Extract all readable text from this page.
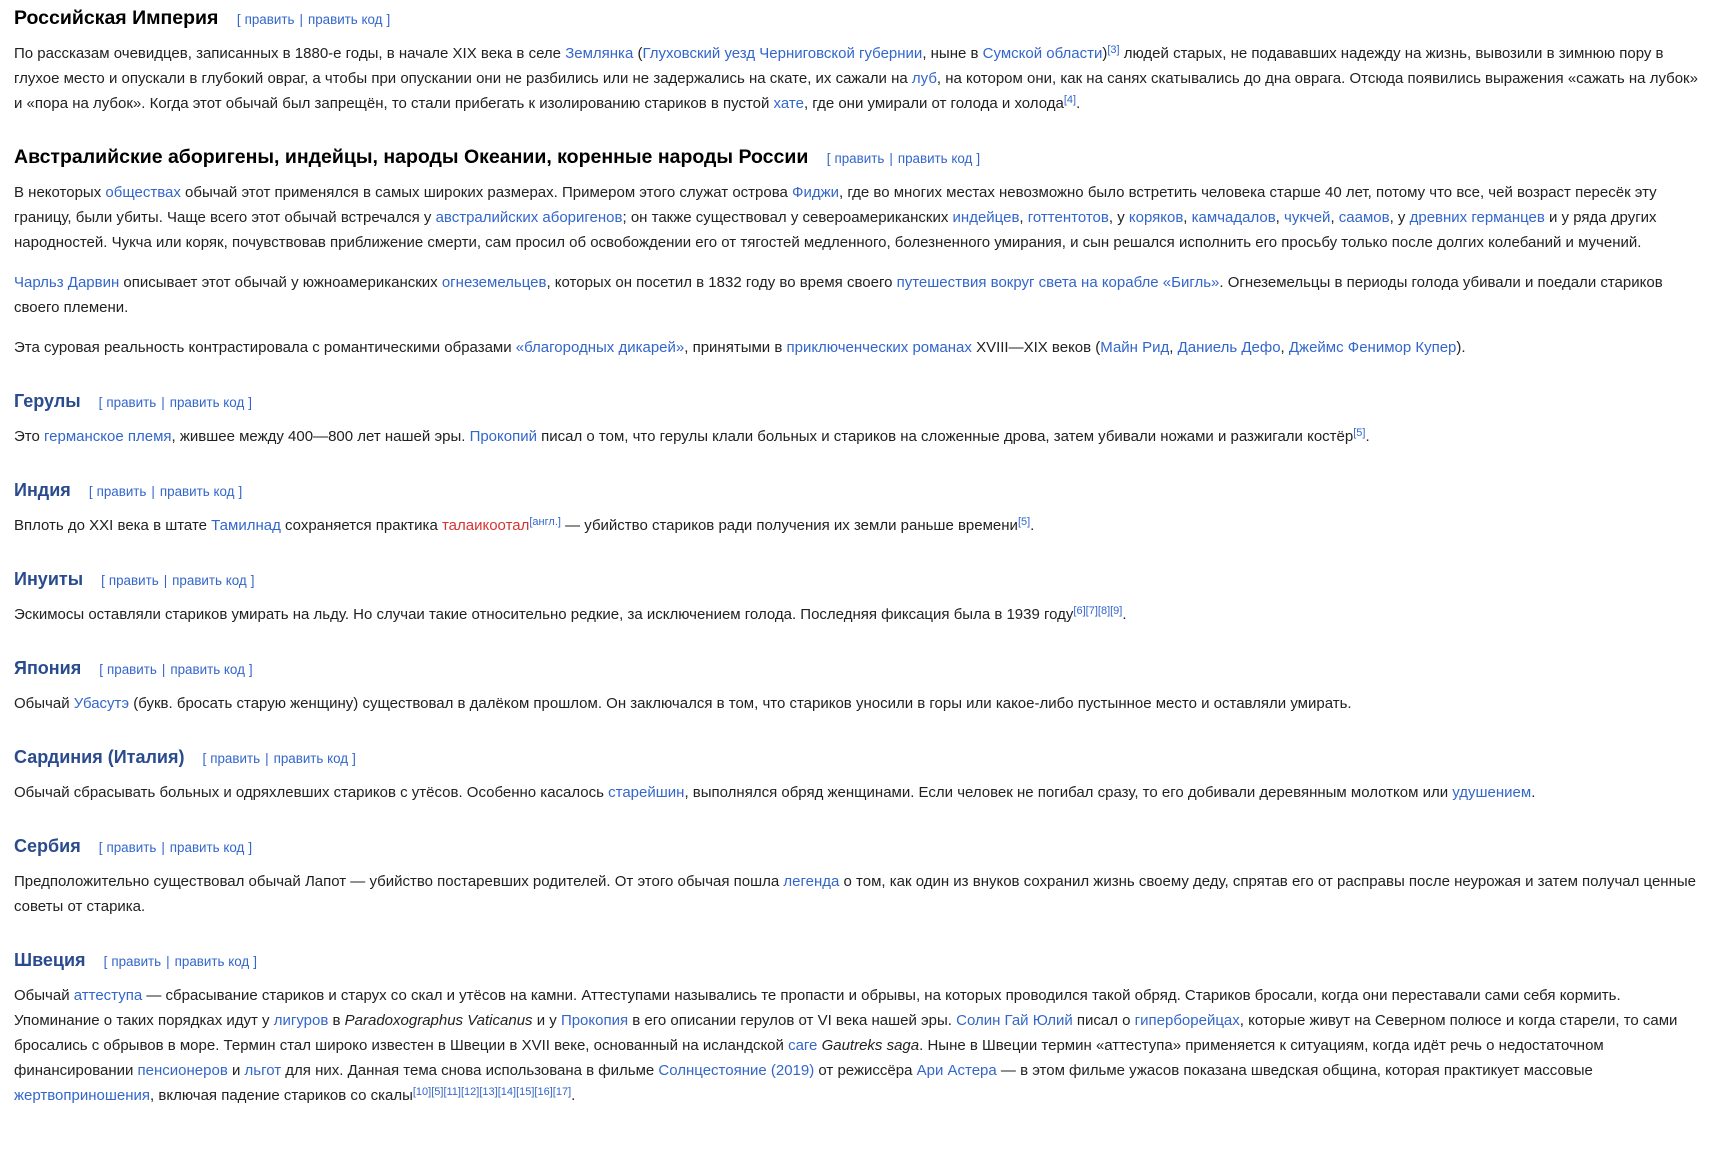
Российская Империя [ править | править код ]

По рассказам очевидцев, записанных в 1880-е годы, в начале XIX века в селе Землянка (Глуховский уезд Черниговской губернии, ныне в Сумской области)[3] людей старых, не подававших надежду на жизнь, вывозили в зимнюю пору в глухое место и опускали в глубокий овраг, а чтобы при опускании они не разбились или не задержались на скате, их сажали на луб, на котором они, как на санях скатывались до дна оврага. Отсюда появились выражения «сажать на лубок» и «пора на лубок». Когда этот обычай был запрещён, то стали прибегать к изолированию стариков в пустой хате, где они умирали от голода и холода[4].

Австралийские аборигены, индейцы, народы Океании, коренные народы России [ править | править код ]

В некоторых обществах обычай этот применялся в самых широких размерах. Примером этого служат острова Фиджи, где во многих местах невозможно было встретить человека старше 40 лет, потому что все, чей возраст пересёк эту границу, были убиты. Чаще всего этот обычай встречался у австралийских аборигенов; он также существовал у североамериканских индейцев, готтентотов, у коряков, камчадалов, чукчей, саамов, у древних германцев и у ряда других народностей. Чукча или коряк, почувствовав приближение смерти, сам просил об освобождении его от тягостей медленного, болезненного умирания, и сын решался исполнить его просьбу только после долгих колебаний и мучений.

Чарльз Дарвин описывает этот обычай у южноамериканских огнеземельцев, которых он посетил в 1832 году во время своего путешествия вокруг света на корабле «Бигль». Огнеземельцы в периоды голода убивали и поедали стариков своего племени.

Эта суровая реальность контрастировала с романтическими образами «благородных дикарей», принятыми в приключенческих романах XVIII—XIX веков (Майн Рид, Даниель Дефо, Джеймс Фенимор Купер).

Герулы [ править | править код ]

Это германское племя, жившее между 400—800 лет нашей эры. Прокопий писал о том, что герулы клали больных и стариков на сложенные дрова, затем убивали ножами и разжигали костёр[5].

Индия [ править | править код ]

Вплоть до XXI века в штате Тамилнад сохраняется практика талаикоотал[англ.] — убийство стариков ради получения их земли раньше времени[5].

Инуиты [ править | править код ]

Эскимосы оставляли стариков умирать на льду. Но случаи такие относительно редкие, за исключением голода. Последняя фиксация была в 1939 году[6][7][8][9].

Япония [ править | править код ]

Обычай Убасутэ (букв. бросать старую женщину) существовал в далёком прошлом. Он заключался в том, что стариков уносили в горы или какое-либо пустынное место и оставляли умирать.

Сардиния (Италия) [ править | править код ]

Обычай сбрасывать больных и одряхлевших стариков с утёсов. Особенно касалось старейшин, выполнялся обряд женщинами. Если человек не погибал сразу, то его добивали деревянным молотком или удушением.

Сербия [ править | править код ]

Предположительно существовал обычай Лапот — убийство постаревших родителей. От этого обычая пошла легенда о том, как один из внуков сохранил жизнь своему деду, спрятав его от расправы после неурожая и затем получал ценные советы от старика.

Швеция [ править | править код ]

Обычай аттеступа — сбрасывание стариков и старух со скал и утёсов на камни. Аттеступами назывались те пропасти и обрывы, на которых проводился такой обряд. Стариков бросали, когда они переставали сами себя кормить. Упоминание о таких порядках идут у лигуров в Paradoxographus Vaticanus и у Прокопия в его описании герулов от VI века нашей эры. Солин Гай Юлий писал о гиперборейцах, которые живут на Северном полюсе и когда старели, то сами бросались с обрывов в море. Термин стал широко известен в Швеции в XVII веке, основанный на исландской саге Gautreks saga. Ныне в Швеции термин «аттеступа» применяется к ситуациям, когда идёт речь о недостаточном финансировании пенсионеров и льгот для них. Данная тема снова использована в фильме Солнцестояние (2019) от режиссёра Ари Астера — в этом фильме ужасов показана шведская община, которая практикует массовые жертвоприношения, включая падение стариков со скалы[10][5][11][12][13][14][15][16][17].
